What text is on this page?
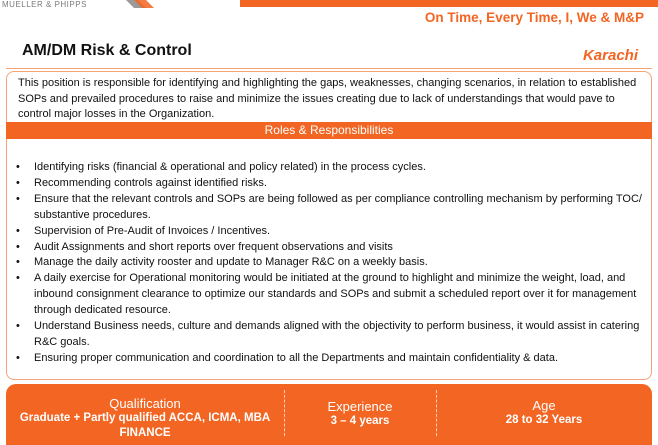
MUELLER & PHIPPS
On Time, Every Time, I, We & M&P
AM/DM Risk & Control	Karachi

This position is responsible for identifying and highlighting the gaps, weaknesses, changing scenarios, in relation to established SOPs and prevailed procedures to raise and minimize the issues creating due to lack of understandings that would pave to control major losses in the Organization.

Roles & Responsibilities
• Identifying risks (financial & operational and policy related) in the process cycles.
• Recommending controls against identified risks.
• Ensure that the relevant controls and SOPs are being followed as per compliance controlling mechanism by performing TOC/ substantive procedures.
• Supervision of Pre-Audit of Invoices / Incentives.
• Audit Assignments and short reports over frequent observations and visits
• Manage the daily activity rooster and update to Manager R&C on a weekly basis.
• A daily exercise for Operational monitoring would be initiated at the ground to highlight and minimize the weight, load, and inbound consignment clearance to optimize our standards and SOPs and submit a scheduled report over it for management through dedicated resource.
• Understand Business needs, culture and demands aligned with the objectivity to perform business, it would assist in catering R&C goals.
• Ensuring proper communication and coordination to all the Departments and maintain confidentiality & data.
Qualification
Graduate + Partly qualified ACCA, ICMA, MBA FINANCE
Experience
3 – 4 years
Age
28 to 32 Years
